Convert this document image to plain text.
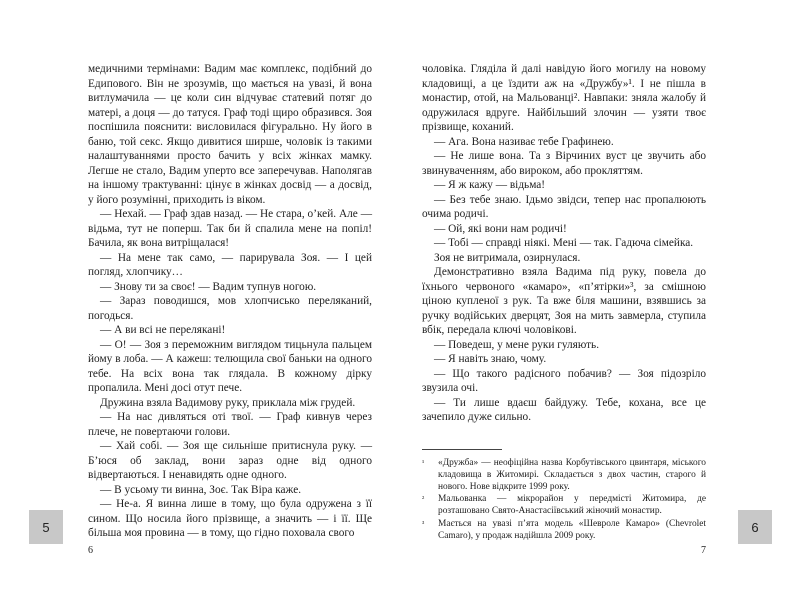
медичними термінами: Вадим має комплекс, подібний до Едипового. Він не зрозумів, що мається на увазі, й вона витлумачила — це коли син відчуває статевий потяг до матері, а доця — до татуся. Граф тоді щиро образився. Зоя поспішила пояснити: висловилася фігурально. Ну його в баню, той секс. Якщо дивитися ширше, чоловік із такими налаштуваннями просто бачить у всіх жінках мамку. Легше не стало, Вадим уперто все заперечував. Наполягав на іншому трактуванні: цінує в жінках досвід — а досвід, у його розумінні, приходить із віком.

— Нехай. — Граф здав назад. — Не стара, о’кей. Але — відьма, тут не поперш. Так би й спалила мене на попіл! Бачила, як вона витріщалася!

— На мене так само, — парирувала Зоя. — І цей погляд, хлопчику…

— Знову ти за своє! — Вадим тупнув ногою.

— Зараз поводишся, мов хлопчисько переляканий, погодься.

— А ви всі не перелякані!

— О! — Зоя з переможним виглядом тицьнула пальцем йому в лоба. — А кажеш: телющила свої баньки на одного тебе. На всіх вона так глядала. В кожному дірку пропалила. Мені досі отут пече.

Дружина взяла Вадимову руку, приклала між грудей.

— На нас дивляться оті твої. — Граф кивнув через плече, не повертаючи голови.

— Хай собі. — Зоя ще сильніше притиснула руку. — Б’юся об заклад, вони зараз одне від одного відвертаються. І ненавидять одне одного.

— В усьому ти винна, Зоє. Так Віра каже.

— Не-а. Я винна лише в тому, що була одружена з її сином. Що носила його прізвище, а значить — і її. Ще більша моя провина — в тому, що гідно поховала свого

6
5

чоловіка. Гляділа й далі навідую його могилу на новому кладовищі, а це їздити аж на «Дружбу»¹. І не пішла в монастир, отой, на Мальованці². Навпаки: зняла жалобу й одружилася вдруге. Найбільший злочин — узяти твоє прізвище, коханий.

— Ага. Вона називає тебе Графинею.

— Не лише вона. Та з Вірчиних вуст це звучить або звинуваченням, або вироком, або прокляттям.

— Я ж кажу — відьма!

— Без тебе знаю. Ідьмо звідси, тепер нас пропалюють очима родичі.

— Ой, які вони нам родичі!

— Тобі — справді ніякі. Мені — так. Гадюча сімейка.

Зоя не витримала, озирнулася.

Демонстративно взяла Вадима під руку, повела до їхнього червоного «камаро», «п’ятірки»³, за смішною ціною купленої з рук. Та вже біля машини, взявшись за ручку водійських дверцят, Зоя на мить завмерла, ступила вбік, передала ключі чоловікові.

— Поведеш, у мене руки гуляють.

— Я навіть знаю, чому.

— Що такого радісного побачив? — Зоя підозріло звузила очі.

— Ти лише вдаєш байдужу. Тебе, кохана, все це зачепило дуже сильно.

¹	«Дружба» — неофіційна назва Корбутівського цвинтаря, міського кладовища в Житомирі. Складається з двох частин, старого й нового. Нове відкрите 1999 року.
²	Мальованка — мікрорайон у передмісті Житомира, де розташовано Свято-Анастасіївський жіночий монастир.
³	Мається на увазі п’ята модель «Шевроле Камаро» (Chevrolet Camaro), у продаж надійшла 2009 року.
7
6
